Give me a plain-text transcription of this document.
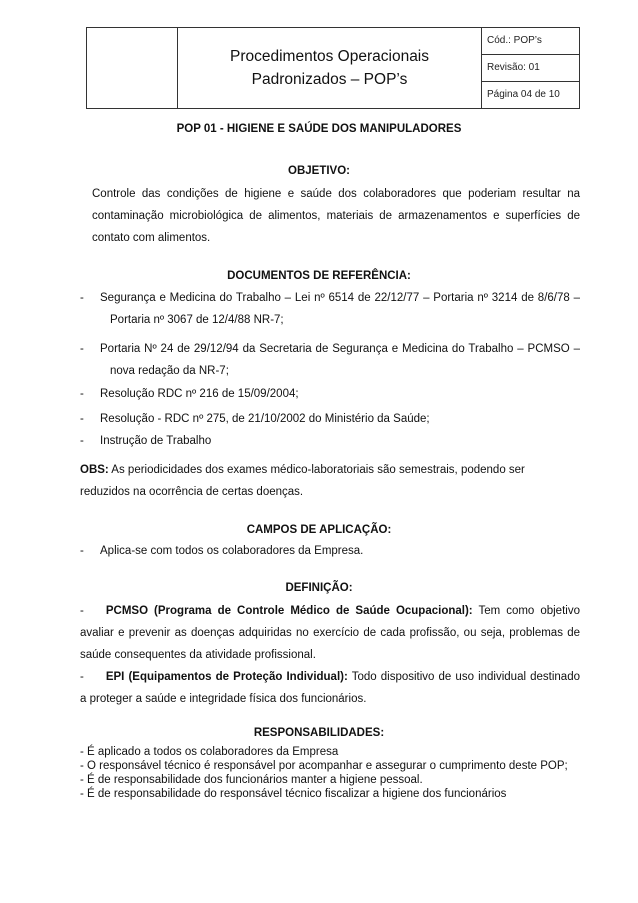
Procedimentos Operacionais
Padronizados – POP’s

Cód.: POP’s
Revisão: 01
Página 04 de 10
POP 01 - HIGIENE E SAÚDE DOS MANIPULADORES
OBJETIVO:
Controle das condições de higiene e saúde dos colaboradores que poderiam resultar na contaminação microbiológica de alimentos, materiais de armazenamentos e superfícies de contato com alimentos.
DOCUMENTOS DE REFERÊNCIA:
- Segurança e Medicina do Trabalho – Lei nº 6514 de 22/12/77 – Portaria nº 3214 de 8/6/78 – Portaria nº 3067 de 12/4/88 NR-7;
- Portaria Nº 24 de 29/12/94 da Secretaria de Segurança e Medicina do Trabalho – PCMSO – nova redação da NR-7;
- Resolução RDC nº 216 de 15/09/2004;
- Resolução - RDC nº 275, de 21/10/2002 do Ministério da Saúde;
- Instrução de Trabalho
OBS: As periodicidades dos exames médico-laboratoriais são semestrais, podendo ser reduzidos na ocorrência de certas doenças.
CAMPOS DE APLICAÇÃO:
- Aplica-se com todos os colaboradores da Empresa.
DEFINIÇÃO:
- PCMSO (Programa de Controle Médico de Saúde Ocupacional): Tem como objetivo avaliar e prevenir as doenças adquiridas no exercício de cada profissão, ou seja, problemas de saúde consequentes da atividade profissional.
- EPI (Equipamentos de Proteção Individual): Todo dispositivo de uso individual destinado a proteger a saúde e integridade física dos funcionários.
RESPONSABILIDADES:
- É aplicado a todos os colaboradores da Empresa
- O responsável técnico é responsável por acompanhar e assegurar o cumprimento deste POP;
- É de responsabilidade dos funcionários manter a higiene pessoal.
- É de responsabilidade do responsável técnico fiscalizar a higiene dos funcionários
